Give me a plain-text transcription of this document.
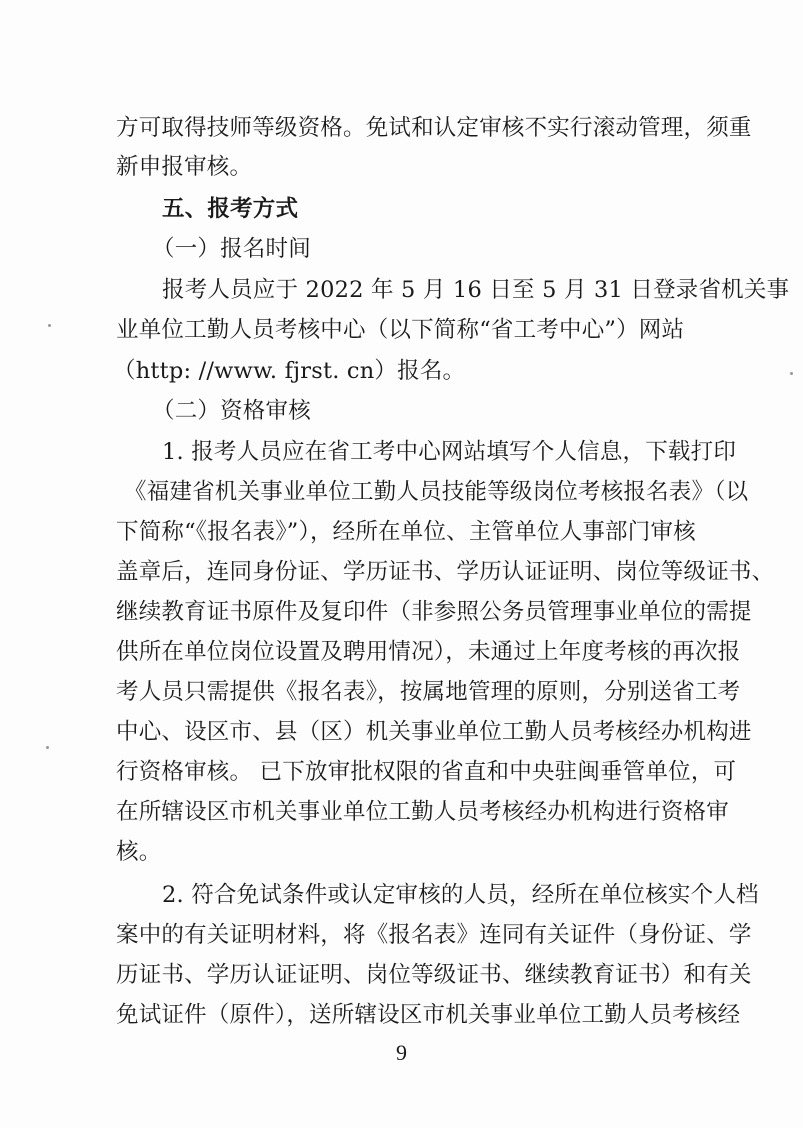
方可取得技师等级资格。免试和认定审核不实行滚动管理，须重
新申报审核。
五、报考方式
（一）报名时间
报考人员应于 2022 年 5 月 16 日至 5 月 31 日登录省机关事
业单位工勤人员考核中心（以下简称“省工考中心”）网站
（http: //www. fjrst. cn）报名。
（二）资格审核
1. 报考人员应在省工考中心网站填写个人信息，下载打印
《福建省机关事业单位工勤人员技能等级岗位考核报名表》（以
下简称“《报名表》”），经所在单位、主管单位人事部门审核
盖章后，连同身份证、学历证书、学历认证证明、岗位等级证书、
继续教育证书原件及复印件（非参照公务员管理事业单位的需提
供所在单位岗位设置及聘用情况），未通过上年度考核的再次报
考人员只需提供《报名表》，按属地管理的原则，分别送省工考
中心、设区市、县（区）机关事业单位工勤人员考核经办机构进
行资格审核。 已下放审批权限的省直和中央驻闽垂管单位，可
在所辖设区市机关事业单位工勤人员考核经办机构进行资格审
核。
2. 符合免试条件或认定审核的人员，经所在单位核实个人档
案中的有关证明材料，将《报名表》连同有关证件（身份证、学
历证书、学历认证证明、岗位等级证书、继续教育证书）和有关
免试证件（原件），送所辖设区市机关事业单位工勤人员考核经
9
